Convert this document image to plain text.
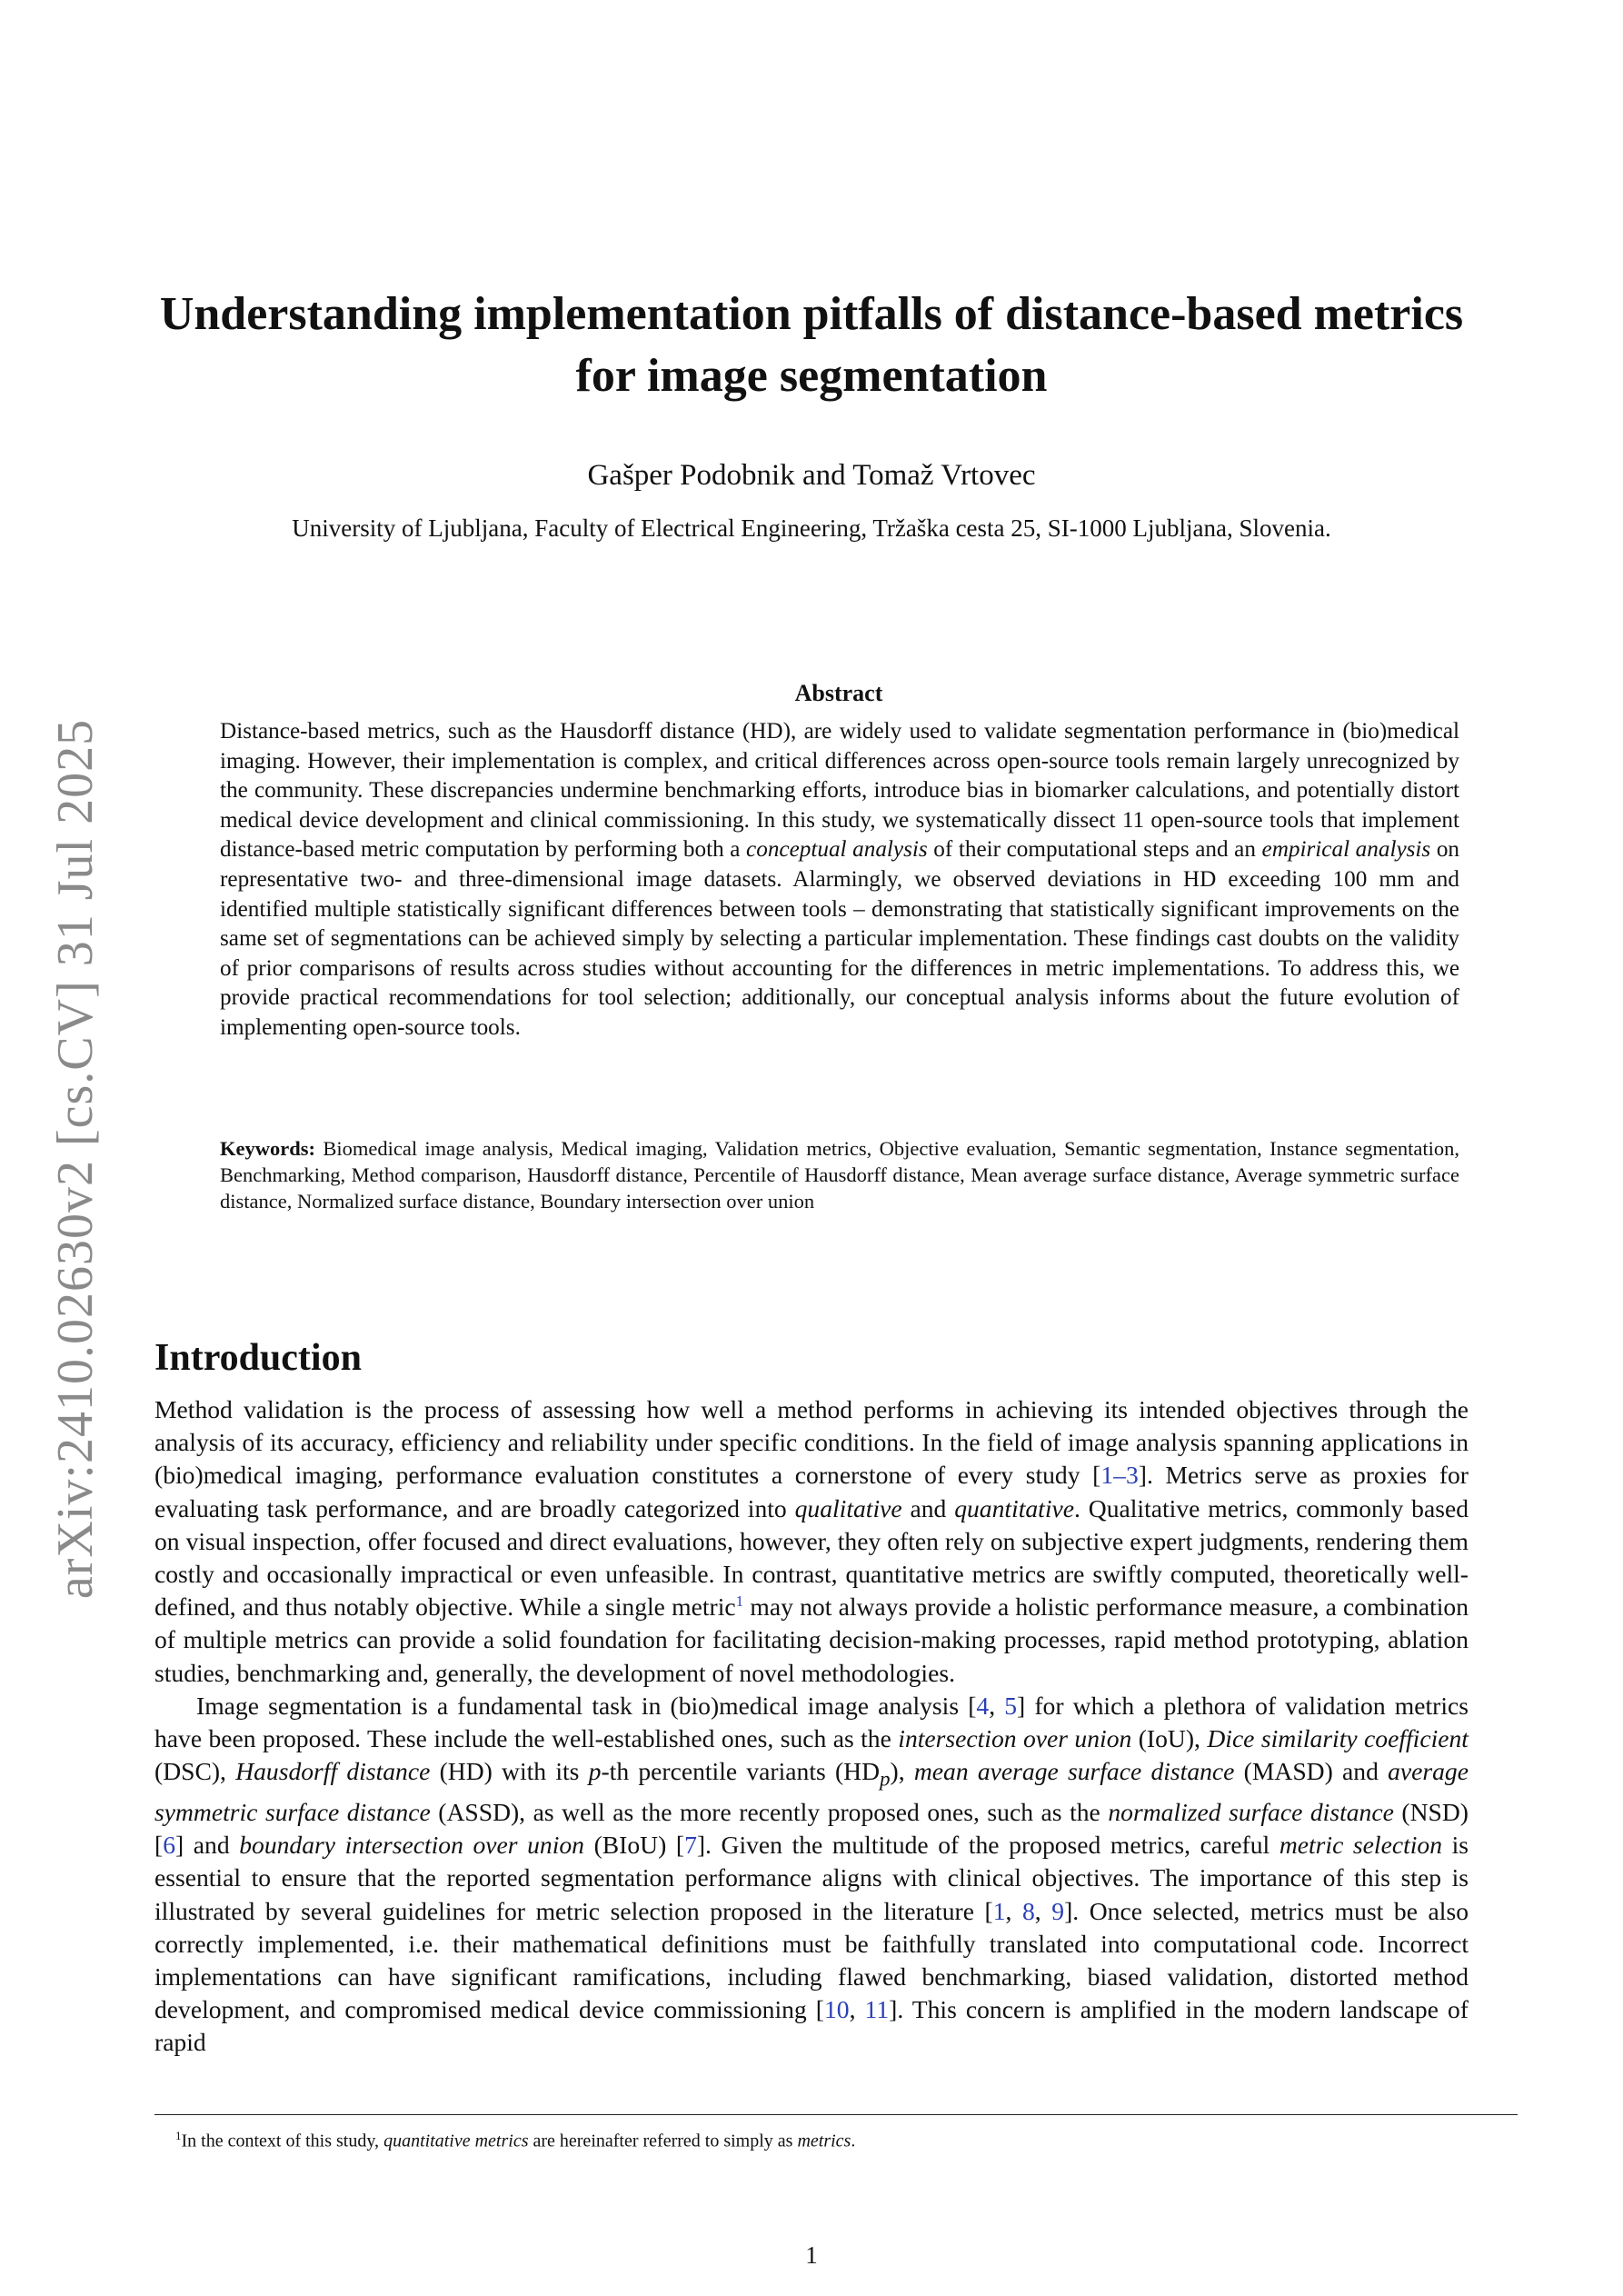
arXiv:2410.02630v2 [cs.CV] 31 Jul 2025
Understanding implementation pitfalls of distance-based metrics for image segmentation
Gašper Podobnik and Tomaž Vrtovec
University of Ljubljana, Faculty of Electrical Engineering, Tržaška cesta 25, SI-1000 Ljubljana, Slovenia.
Abstract
Distance-based metrics, such as the Hausdorff distance (HD), are widely used to validate segmentation performance in (bio)medical imaging. However, their implementation is complex, and critical differences across open-source tools remain largely unrecognized by the community. These discrepancies undermine benchmarking efforts, introduce bias in biomarker calculations, and potentially distort medical device development and clinical commissioning. In this study, we systematically dissect 11 open-source tools that implement distance-based metric computation by performing both a conceptual analysis of their computational steps and an empirical analysis on representative two- and three-dimensional image datasets. Alarmingly, we observed deviations in HD exceeding 100 mm and identified multiple statistically significant differences between tools – demonstrating that statistically significant improvements on the same set of segmentations can be achieved simply by selecting a particular implementation. These findings cast doubts on the validity of prior comparisons of results across studies without accounting for the differences in metric implementations. To address this, we provide practical recommendations for tool selection; additionally, our conceptual analysis informs about the future evolution of implementing open-source tools.
Keywords: Biomedical image analysis, Medical imaging, Validation metrics, Objective evaluation, Semantic segmentation, Instance segmentation, Benchmarking, Method comparison, Hausdorff distance, Percentile of Hausdorff distance, Mean average surface distance, Average symmetric surface distance, Normalized surface distance, Boundary intersection over union
Introduction

Method validation is the process of assessing how well a method performs in achieving its intended objectives through the analysis of its accuracy, efficiency and reliability under specific conditions. In the field of image analysis spanning applications in (bio)medical imaging, performance evaluation constitutes a cornerstone of every study [1–3]. Metrics serve as proxies for evaluating task performance, and are broadly categorized into qualitative and quantitative. Qualitative metrics, commonly based on visual inspection, offer focused and direct evaluations, however, they often rely on subjective expert judgments, rendering them costly and occasionally impractical or even unfeasible. In contrast, quantitative metrics are swiftly computed, theoretically well-defined, and thus notably objective. While a single metric$^1$ may not always provide a holistic performance measure, a combination of multiple metrics can provide a solid foundation for facilitating decision-making processes, rapid method prototyping, ablation studies, benchmarking and, generally, the development of novel methodologies.

Image segmentation is a fundamental task in (bio)medical image analysis [4, 5] for which a plethora of validation metrics have been proposed. These include the well-established ones, such as the intersection over union (IoU), Dice similarity coefficient (DSC), Hausdorff distance (HD) with its p-th percentile variants $(HD_p)$, mean average surface distance (MASD) and average symmetric surface distance (ASSD), as well as the more recently proposed ones, such as the normalized surface distance (NSD) [6] and boundary intersection over union (BIoU) [7]. Given the multitude of the proposed metrics, careful metric selection is essential to ensure that the reported segmentation performance aligns with clinical objectives. The importance of this step is illustrated by several guidelines for metric selection proposed in the literature [1, 8, 9]. Once selected, metrics must be also correctly implemented, i.e. their mathematical definitions must be faithfully translated into computational code. Incorrect implementations can have significant ramifications, including flawed benchmarking, biased validation, distorted method development, and compromised medical device commissioning [10, 11]. This concern is amplified in the modern landscape of rapid

$^1$In the context of this study, quantitative metrics are hereinafter referred to simply as metrics.
1
